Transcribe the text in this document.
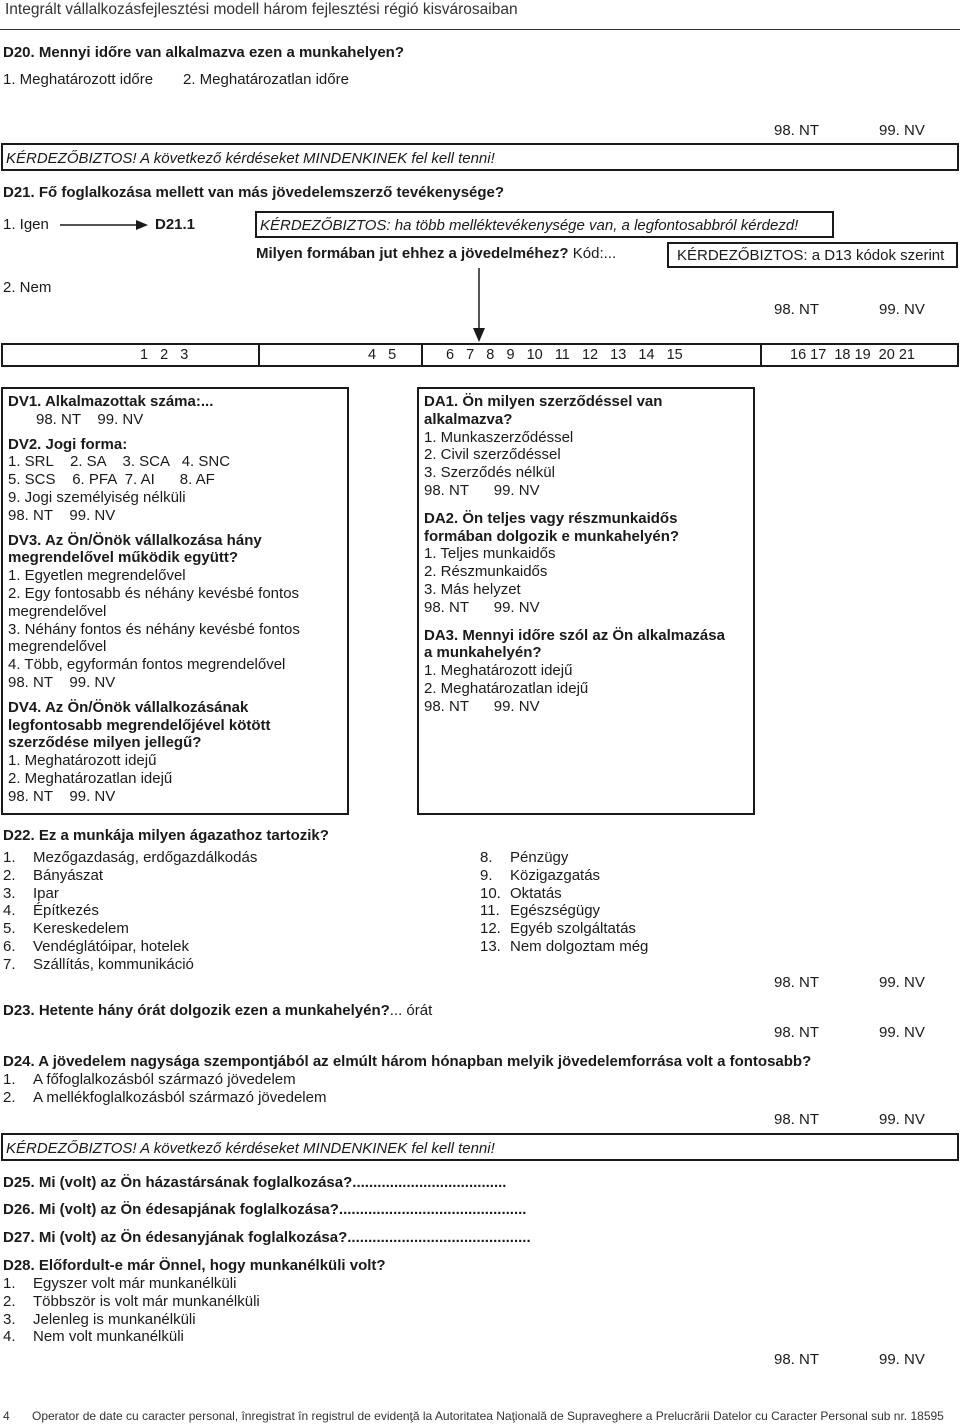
Integrált vállalkozásfejlesztési modell három fejlesztési régió kisvárosaiban
D20. Mennyi időre van alkalmazva ezen a munkahelyen?
1. Meghatározott időre 2. Meghatározatlan időre
98. NT	99. NV
KÉRDEZŐBIZTOS! A következő kérdéseket MINDENKINEK fel kell tenni!
D21. Fő foglalkozása mellett van más jövedelemszerző tevékenysége?
1. Igen	D21.1	KÉRDEZŐBIZTOS: ha több melléktevékenysége van, a legfontosabbról kérdezd!
Milyen formában jut ehhez a jövedelméhez? Kód:...	KÉRDEZŐBIZTOS: a D13 kódok szerint
2. Nem
98. NT	99. NV
1   2   3	4   5	6   7   8   9   10   11   12   13   14   15	16 17  18 19  20 21
DV1. Alkalmazottak száma:...
98. NT    99. NV
DV2. Jogi forma:
1. SRL    2. SA    3. SCA   4. SNC
5. SCS    6. PFA  7. AI      8. AF
9. Jogi személyiség nélküli
98. NT    99. NV
DV3. Az Ön/Önök vállalkozása hány
megrendelővel működik együtt?
1. Egyetlen megrendelővel
2. Egy fontosabb és néhány kevésbé fontos
megrendelővel
3. Néhány fontos és néhány kevésbé fontos
megrendelővel
4. Több, egyformán fontos megrendelővel
98. NT    99. NV
DV4. Az Ön/Önök vállalkozásának
legfontosabb megrendelőjével kötött
szerződése milyen jellegű?
1. Meghatározott idejű
2. Meghatározatlan idejű
98. NT    99. NV
DA1. Ön milyen szerződéssel van
alkalmazva?
1. Munkaszerződéssel
2. Civil szerződéssel
3. Szerződés nélkül
98. NT      99. NV
DA2. Ön teljes vagy részmunkaidős
formában dolgozik e munkahelyén?
1. Teljes munkaidős
2. Részmunkaidős
3. Más helyzet
98. NT      99. NV
DA3. Mennyi időre szól az Ön alkalmazása
a munkahelyén?
1. Meghatározott idejű
2. Meghatározatlan idejű
98. NT      99. NV
D22. Ez a munkája milyen ágazathoz tartozik?
1. Mezőgazdaság, erdőgazdálkodás
2. Bányászat
3. Ipar
4. Építkezés
5. Kereskedelem
6. Vendéglátóipar, hotelek
7. Szállítás, kommunikáció
8. Pénzügy
9. Közigazgatás
10. Oktatás
11. Egészségügy
12. Egyéb szolgáltatás
13. Nem dolgoztam még
98. NT	99. NV
D23. Hetente hány órát dolgozik ezen a munkahelyén?... órát
98. NT	99. NV
D24. A jövedelem nagysága szempontjából az elmúlt három hónapban melyik jövedelemforrása volt a fontosabb?
1. A főfoglalkozásból származó jövedelem
2. A mellékfoglalkozásból származó jövedelem
98. NT	99. NV
KÉRDEZŐBIZTOS! A következő kérdéseket MINDENKINEK fel kell tenni!
D25. Mi (volt) az Ön házastársának foglalkozása?.....................................
D26. Mi (volt) az Ön édesapjának foglalkozása?.............................................
D27. Mi (volt) az Ön édesanyjának foglalkozása?............................................
D28. Előfordult-e már Önnel, hogy munkanélküli volt?
1. Egyszer volt már munkanélküli
2. Többször is volt már munkanélküli
3. Jelenleg is munkanélküli
4. Nem volt munkanélküli
98. NT	99. NV
4 Operator de date cu caracter personal, înregistrat în registrul de evidenţă la Autoritatea Naţională de Supraveghere a Prelucrării Datelor cu Caracter Personal sub nr. 18595
